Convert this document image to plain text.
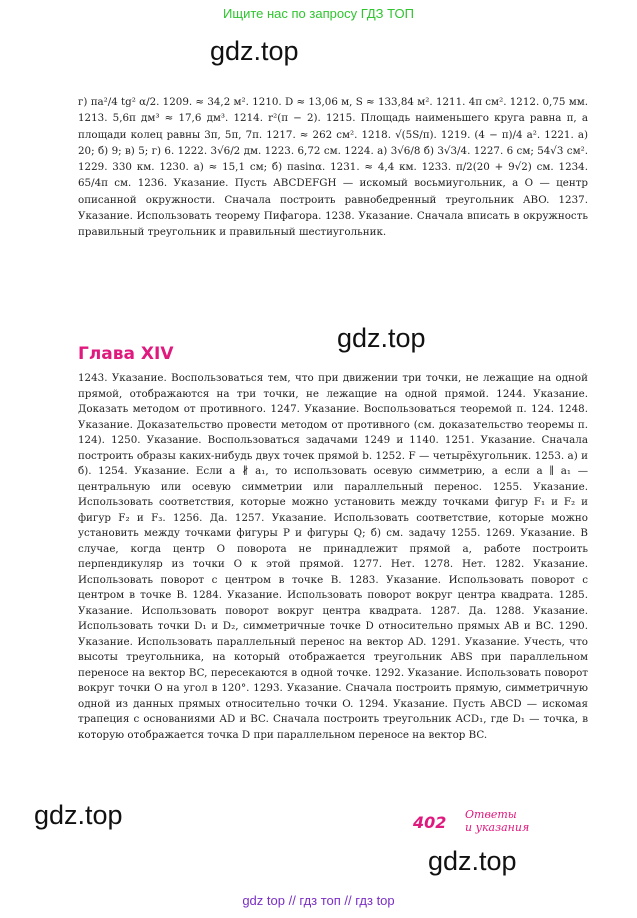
Ищите нас по запросу ГДЗ ТОП
gdz.top

г) πa²/4 tg² α/2. 1209. ≈ 34,2 м². 1210. D ≈ 13,06 м, S ≈ 133,84 м². 1211. 4π см². 1212. 0,75 мм. 1213. 5,6π дм³ ≈ 17,6 дм³. 1214. r²(π − 2). 1215. Площадь наименьшего круга равна π, а площади колец равны 3π, 5π, 7π. 1217. ≈ 262 см². 1218. √(5S/π). 1219. (4 − π)/4 a². 1221. а) 20; б) 9; в) 5; г) 6. 1222. 3√6/2 дм. 1223. 6,72 см. 1224. а) 3√6/8 б) 3√3/4. 1227. 6 см; 54√3 см². 1229. 330 км. 1230. а) ≈ 15,1 см; б) πasinα. 1231. ≈ 4,4 км. 1233. π/2(20 + 9√2) см. 1234. 65/4π см. 1236. Указание. Пусть ABCDEFGH — искомый восьмиугольник, а O — центр описанной окружности. Сначала построить равнобедренный треугольник ABO. 1237. Указание. Использовать теорему Пифагора. 1238. Указание. Сначала вписать в окружность правильный треугольник и правильный шестиугольник.

gdz.top
Глава XIV

1243. Указание. Воспользоваться тем, что при движении три точки, не лежащие на одной прямой, отображаются на три точки, не лежащие на одной прямой. 1244. Указание. Доказать методом от противного. 1247. Указание. Воспользоваться теоремой п. 124. 1248. Указание. Доказательство провести методом от противного (см. доказательство теоремы п. 124). 1250. Указание. Воспользоваться задачами 1249 и 1140. 1251. Указание. Сначала построить образы каких-нибудь двух точек прямой b. 1252. F — четырёхугольник. 1253. а) и б). 1254. Указание. Если a ∦ a₁, то использовать осевую симметрию, а если a ∥ a₁ — центральную или осевую симметрии или параллельный перенос. 1255. Указание. Использовать соответствия, которые можно установить между точками фигур F₁ и F₂ и фигур F₂ и F₃. 1256. Да. 1257. Указание. Использовать соответствие, которые можно установить между точками фигуры P и фигуры Q; б) см. задачу 1255. 1269. Указание. В случае, когда центр O поворота не принадлежит прямой a, работе построить перпендикуляр из точки O к этой прямой. 1277. Нет. 1278. Нет. 1282. Указание. Использовать поворот с центром в точке B. 1283. Указание. Использовать поворот с центром в точке B. 1284. Указание. Использовать поворот вокруг центра квадрата. 1285. Указание. Использовать поворот вокруг центра квадрата. 1287. Да. 1288. Указание. Использовать точки D₁ и D₂, симметричные точке D относительно прямых AB и BC. 1290. Указание. Использовать параллельный перенос на вектор AD. 1291. Указание. Учесть, что высоты треугольника, на который отображается треугольник ABS при параллельном переносе на вектор BC, пересекаются в одной точке. 1292. Указание. Использовать поворот вокруг точки O на угол в 120°. 1293. Указание. Сначала построить прямую, симметричную одной из данных прямых относительно точки O. 1294. Указание. Пусть ABCD — искомая трапеция с основаниями AD и BC. Сначала построить треугольник ACD₁, где D₁ — точка, в которую отображается точка D при параллельном переносе на вектор BC.

gdz.top	402 Ответы
и указания
gdz.top
gdz top // гдз топ // гдз top
